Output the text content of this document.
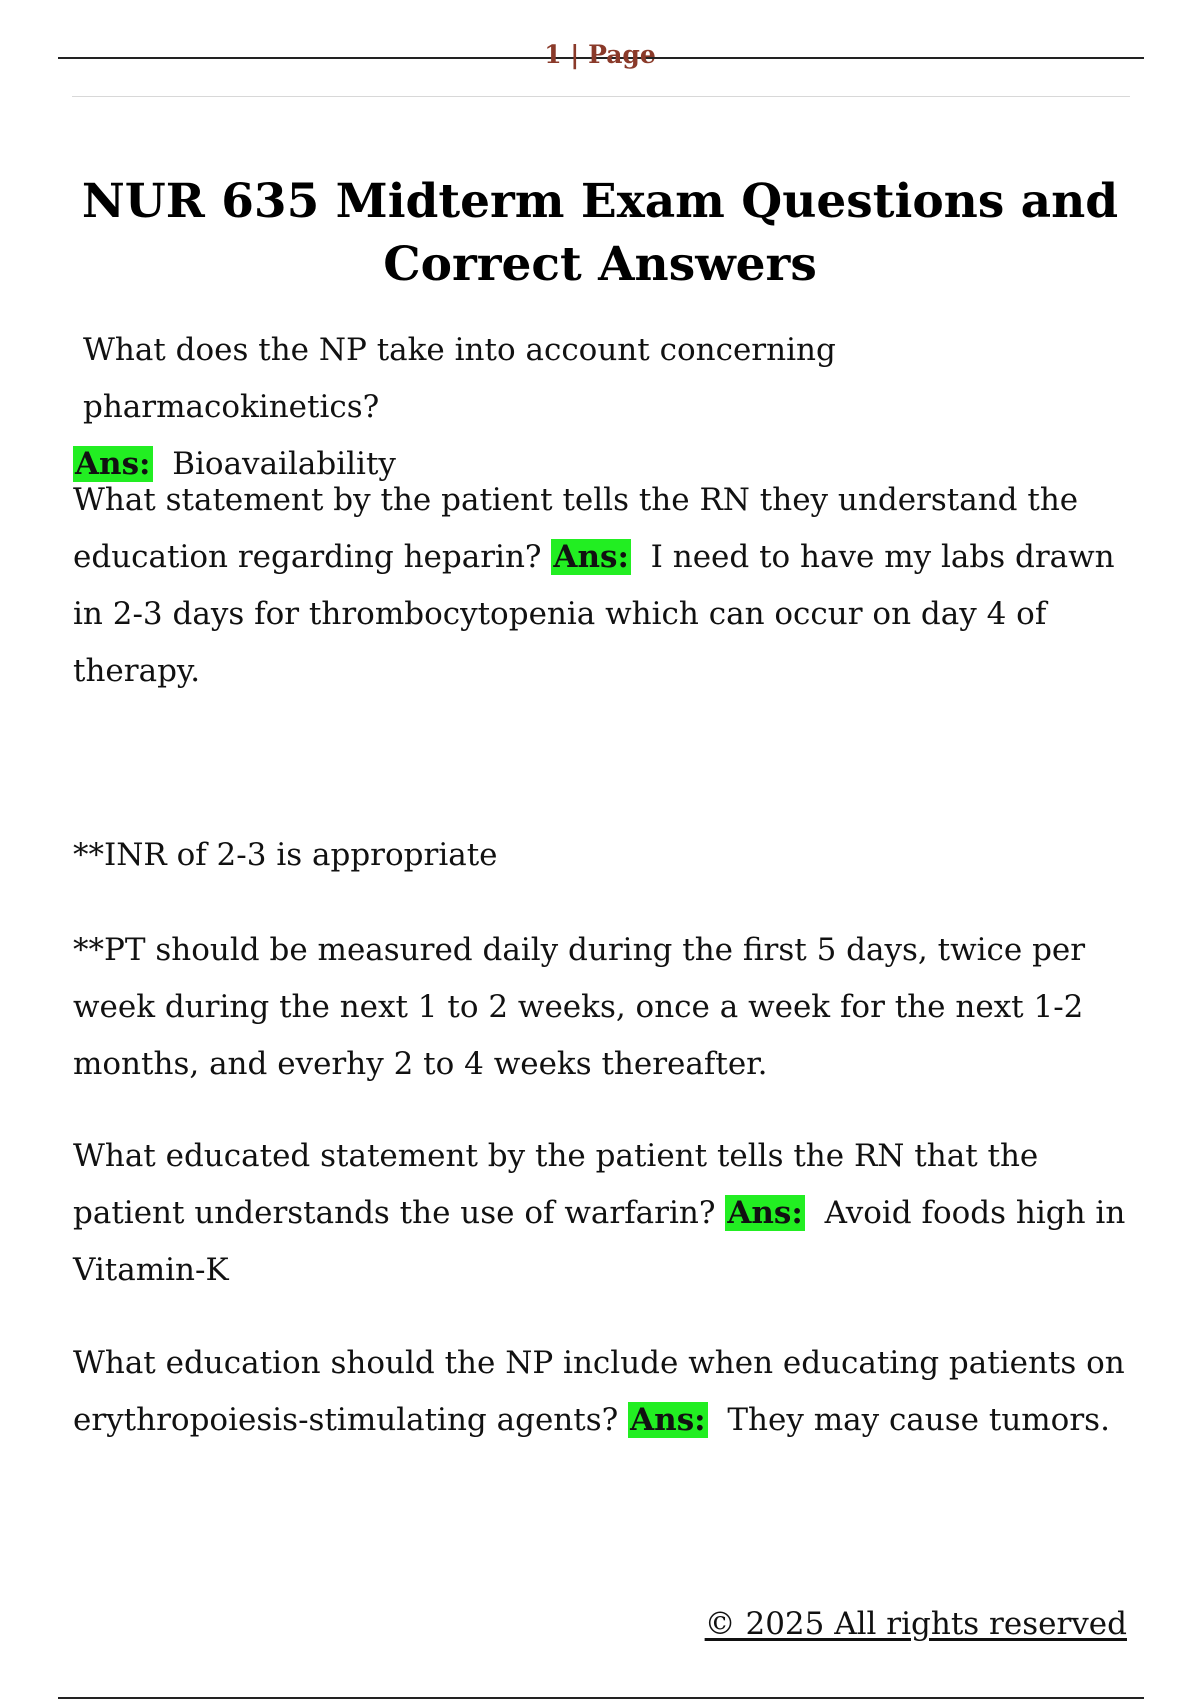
1 | Page
NUR 635 Midterm Exam Questions and Correct Answers

What does the NP take into account concerning pharmacokinetics?

Ans: Bioavailability

What statement by the patient tells the RN they understand the education regarding heparin? Ans: I need to have my labs drawn in 2-3 days for thrombocytopenia which can occur on day 4 of therapy.

**INR of 2-3 is appropriate

**PT should be measured daily during the first 5 days, twice per week during the next 1 to 2 weeks, once a week for the next 1-2 months, and everhy 2 to 4 weeks thereafter.

What educated statement by the patient tells the RN that the patient understands the use of warfarin? Ans: Avoid foods high in Vitamin-K

What education should the NP include when educating patients on erythropoiesis-stimulating agents? Ans: They may cause tumors.

© 2025 All rights reserved
